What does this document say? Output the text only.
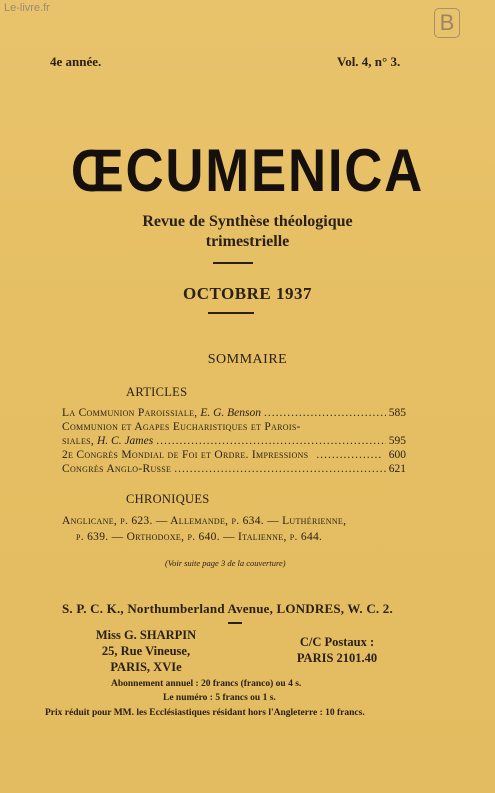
Le-livre.fr
B
4e année.	Vol. 4, n° 3.
ŒCUMENICA
Revue de Synthèse théologique
trimestrielle
OCTOBRE 1937
SOMMAIRE
ARTICLES
La Communion Paroissiale, E. G. Benson .....	585
Communion et Agapes Eucharistiques et Parois-
siales, H. C. James .....	595
2e Congrès Mondial de Foi et Ordre. Impressions .....	600
Congrès Anglo-Russe .....	621
CHRONIQUES
Anglicane, p. 623. — Allemande, p. 634. — Luthérienne,
p. 639. — Orthodoxe, p. 640. — Italienne, p. 644.
(Voir suite page 3 de la couverture)
S. P. C. K., Northumberland Avenue, LONDRES, W. C. 2.
Miss G. SHARPIN
25, Rue Vineuse,
PARIS, XVIe
C/C Postaux :
PARIS 2101.40
Abonnement annuel : 20 francs (franco) ou 4 s.
Le numéro : 5 francs ou 1 s.
Prix réduit pour MM. les Ecclésiastiques résidant hors l'Angleterre : 10 francs.
